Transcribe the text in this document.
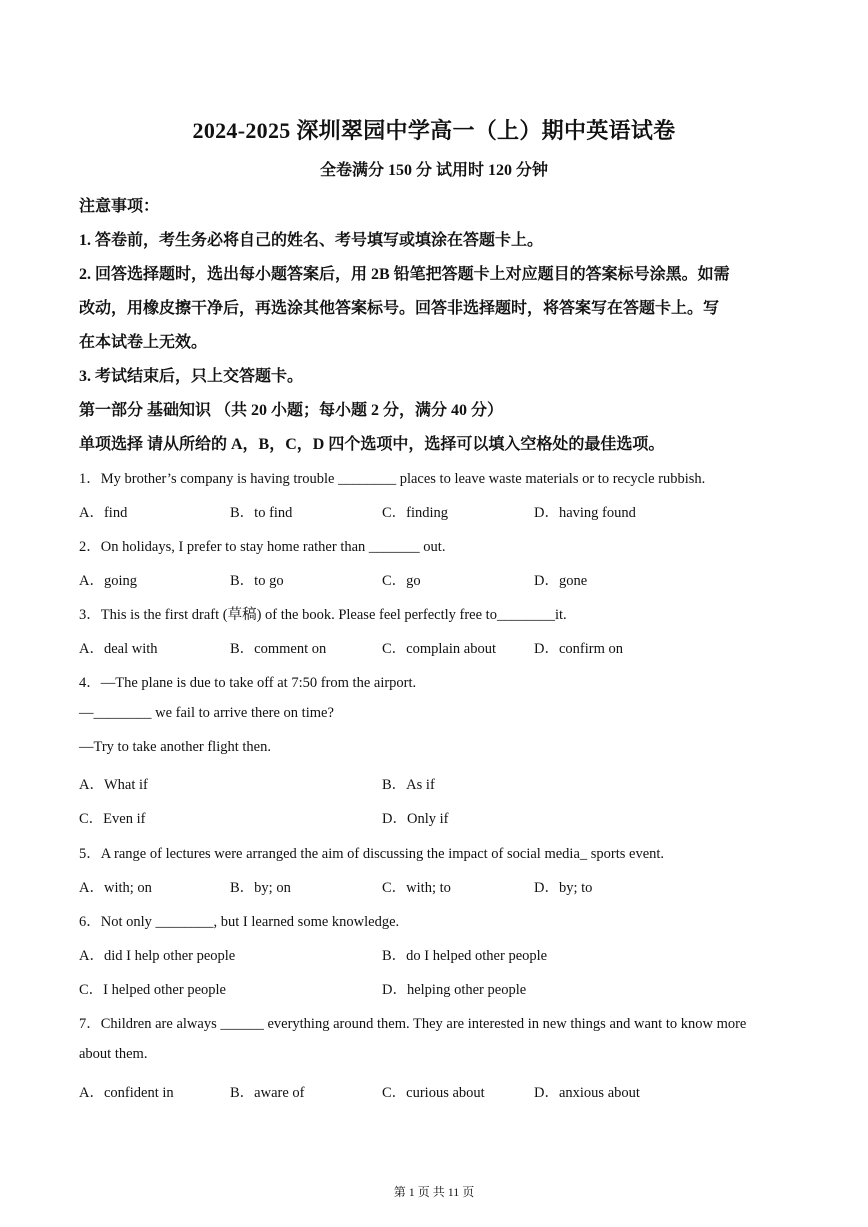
2024-2025 深圳翠园中学高一（上）期中英语试卷
全卷满分 150 分 试用时 120 分钟
注意事项：
1. 答卷前，考生务必将自己的姓名、考号填写或填涂在答题卡上。
2. 回答选择题时，选出每小题答案后，用 2B 铅笔把答题卡上对应题目的答案标号涂黑。如需
改动，用橡皮擦干净后，再选涂其他答案标号。回答非选择题时，将答案写在答题卡上。写
在本试卷上无效。
3. 考试结束后，只上交答题卡。
第一部分 基础知识 （共 20 小题；每小题 2 分，满分 40 分）
单项选择 请从所给的 A，B，C，D 四个选项中，选择可以填入空格处的最佳选项。
1．My brother’s company is having trouble ________ places to leave waste materials or to recycle rubbish.
A．find	B．to find	C．finding	D．having found
2．On holidays, I prefer to stay home rather than _______ out.
A．going	B．to go	C．go	D．gone
3．This is the first draft (草稿) of the book. Please feel perfectly free to________it.
A．deal with	B．comment on	C．complain about	D．confirm on
4．—The plane is due to take off at 7:50 from the airport.
—________ we fail to arrive there on time?
—Try to take another flight then.
A．What if	B．As if
C．Even if	D．Only if
5．A range of lectures were arranged the aim of discussing the impact of social media_ sports event.
A．with; on	B．by; on	C．with; to	D．by; to
6．Not only ________, but I learned some knowledge.
A．did I help other people	B．do I helped other people
C．I helped other people	D．helping other people
7．Children are always ______ everything around them. They are interested in new things and want to know more
about them.
A．confident in	B．aware of	C．curious about	D．anxious about
第 1 页 共 11 页
